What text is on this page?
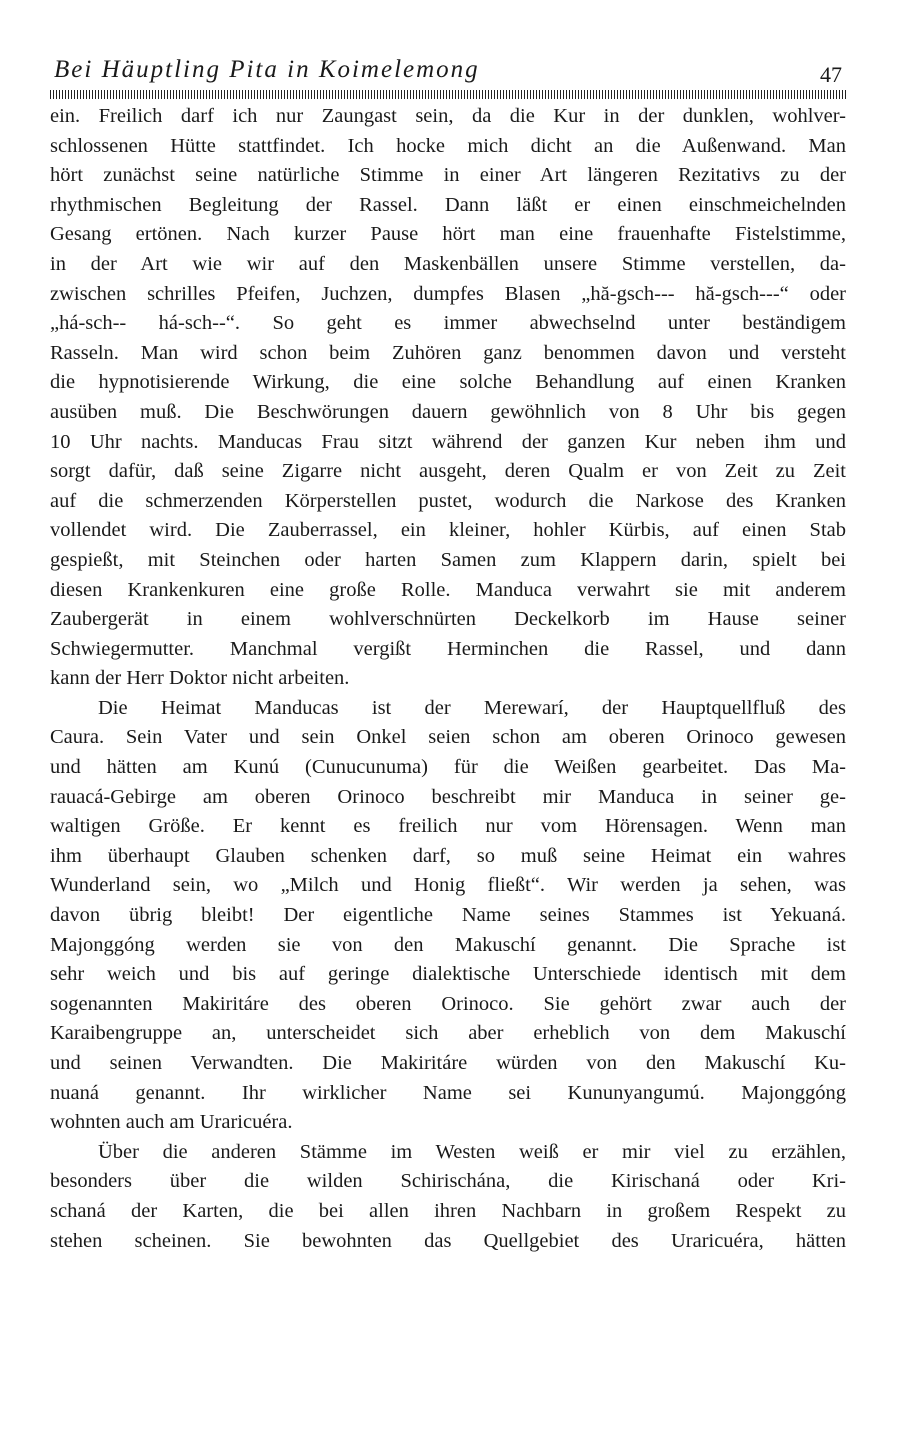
Bei Häuptling Pita in Koimelemong	47

ein. Freilich darf ich nur Zaungast sein, da die Kur in der dunklen, wohlver-
schlossenen Hütte stattfindet. Ich hocke mich dicht an die Außenwand. Man
hört zunächst seine natürliche Stimme in einer Art längeren Rezitativs zu der
rhythmischen Begleitung der Rassel. Dann läßt er einen einschmeichelnden
Gesang ertönen. Nach kurzer Pause hört man eine frauenhafte Fistelstimme,
in der Art wie wir auf den Maskenbällen unsere Stimme verstellen, da-
zwischen schrilles Pfeifen, Juchzen, dumpfes Blasen „hă-gsch--- hă-gsch---“ oder
„há-sch-- há-sch--“. So geht es immer abwechselnd unter beständigem
Rasseln. Man wird schon beim Zuhören ganz benommen davon und versteht
die hypnotisierende Wirkung, die eine solche Behandlung auf einen Kranken
ausüben muß. Die Beschwörungen dauern gewöhnlich von 8 Uhr bis gegen
10 Uhr nachts. Manducas Frau sitzt während der ganzen Kur neben ihm und
sorgt dafür, daß seine Zigarre nicht ausgeht, deren Qualm er von Zeit zu Zeit
auf die schmerzenden Körperstellen pustet, wodurch die Narkose des Kranken
vollendet wird. Die Zauberrassel, ein kleiner, hohler Kürbis, auf einen Stab
gespießt, mit Steinchen oder harten Samen zum Klappern darin, spielt bei
diesen Krankenkuren eine große Rolle. Manduca verwahrt sie mit anderem
Zaubergerät in einem wohlverschnürten Deckelkorb im Hause seiner
Schwiegermutter. Manchmal vergißt Herminchen die Rassel, und dann
kann der Herr Doktor nicht arbeiten.

Die Heimat Manducas ist der Merewarí, der Hauptquellfluß des
Caura. Sein Vater und sein Onkel seien schon am oberen Orinoco gewesen
und hätten am Kunú (Cunucunuma) für die Weißen gearbeitet. Das Ma-
rauacá-Gebirge am oberen Orinoco beschreibt mir Manduca in seiner ge-
waltigen Größe. Er kennt es freilich nur vom Hörensagen. Wenn man
ihm überhaupt Glauben schenken darf, so muß seine Heimat ein wahres
Wunderland sein, wo „Milch und Honig fließt“. Wir werden ja sehen, was
davon übrig bleibt! Der eigentliche Name seines Stammes ist Yekuaná.
Majonggóng werden sie von den Makuschí genannt. Die Sprache ist
sehr weich und bis auf geringe dialektische Unterschiede identisch mit dem
sogenannten Makiritáre des oberen Orinoco. Sie gehört zwar auch der
Karaibengruppe an, unterscheidet sich aber erheblich von dem Makuschí
und seinen Verwandten. Die Makiritáre würden von den Makuschí Ku-
nuaná genannt. Ihr wirklicher Name sei Kununyangumú. Majonggóng
wohnten auch am Uraricuéra.

Über die anderen Stämme im Westen weiß er mir viel zu erzählen,
besonders über die wilden Schirischána, die Kirischaná oder Kri-
schaná der Karten, die bei allen ihren Nachbarn in großem Respekt zu
stehen scheinen. Sie bewohnten das Quellgebiet des Uraricuéra, hätten
